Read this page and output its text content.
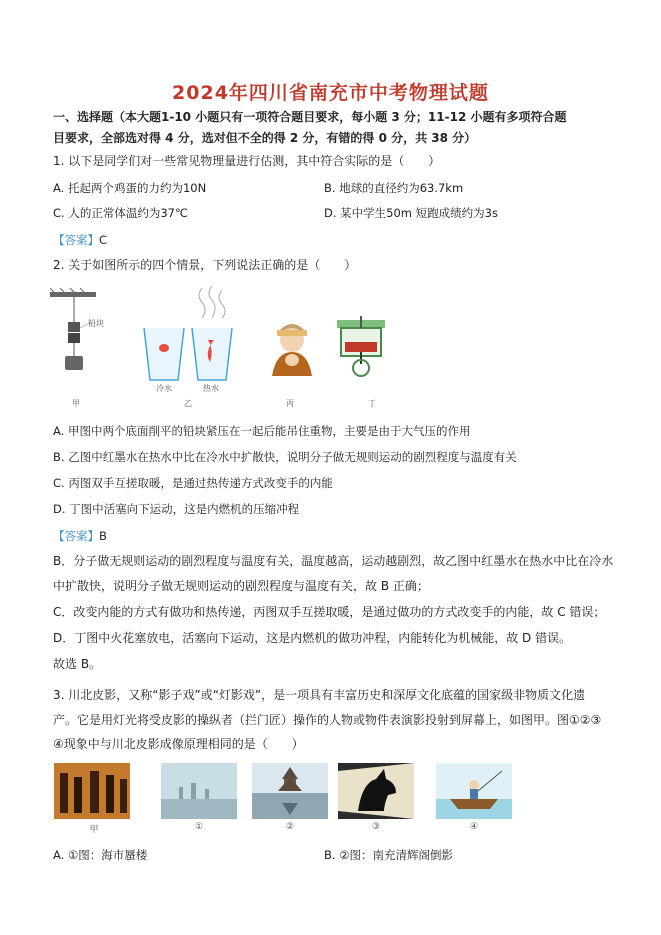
2024年四川省南充市中考物理试题
一、选择题（本大题1-10 小题只有一项符合题目要求，每小题 3 分；11-12 小题有多项符合题
目要求，全部选对得 4 分，选对但不全的得 2 分，有错的得 0 分，共 38 分）
1. 以下是同学们对一些常见物理量进行估测，其中符合实际的是（　　）
A. 托起两个鸡蛋的力约为10N	B. 地球的直径约为63.7km
C. 人的正常体温约为37℃	D. 某中学生50m 短跑成绩约为3s
【答案】C
2. 关于如图所示的四个情景，下列说法正确的是（　　）
铅块
甲
冷水	热水
乙	丙	丁
A. 甲图中两个底面削平的铅块紧压在一起后能吊住重物，主要是由于大气压的作用
B. 乙图中红墨水在热水中比在冷水中扩散快，说明分子做无规则运动的剧烈程度与温度有关
C. 丙图双手互搓取暖，是通过热传递方式改变手的内能
D. 丁图中活塞向下运动，这是内燃机的压缩冲程
【答案】B
B．分子做无规则运动的剧烈程度与温度有关，温度越高，运动越剧烈，故乙图中红墨水在热水中比在冷水
中扩散快，说明分子做无规则运动的剧烈程度与温度有关，故 B 正确；
C．改变内能的方式有做功和热传递，丙图双手互搓取暖，是通过做功的方式改变手的内能，故 C 错误；
D．丁图中火花塞放电，活塞向下运动，这是内燃机的做功冲程，内能转化为机械能，故 D 错误。
故选 B。
3. 川北皮影，又称“影子戏”或“灯影戏”，是一项具有丰富历史和深厚文化底蕴的国家级非物质文化遗
产。它是用灯光将受皮影的操纵者（拦门匠）操作的人物或物件表演影投射到屏幕上，如图甲。图①②③
④现象中与川北皮影成像原理相同的是（　　）
甲	①	②	③	④
A. ①图：海市蜃楼	B. ②图：南充清辉阁倒影
